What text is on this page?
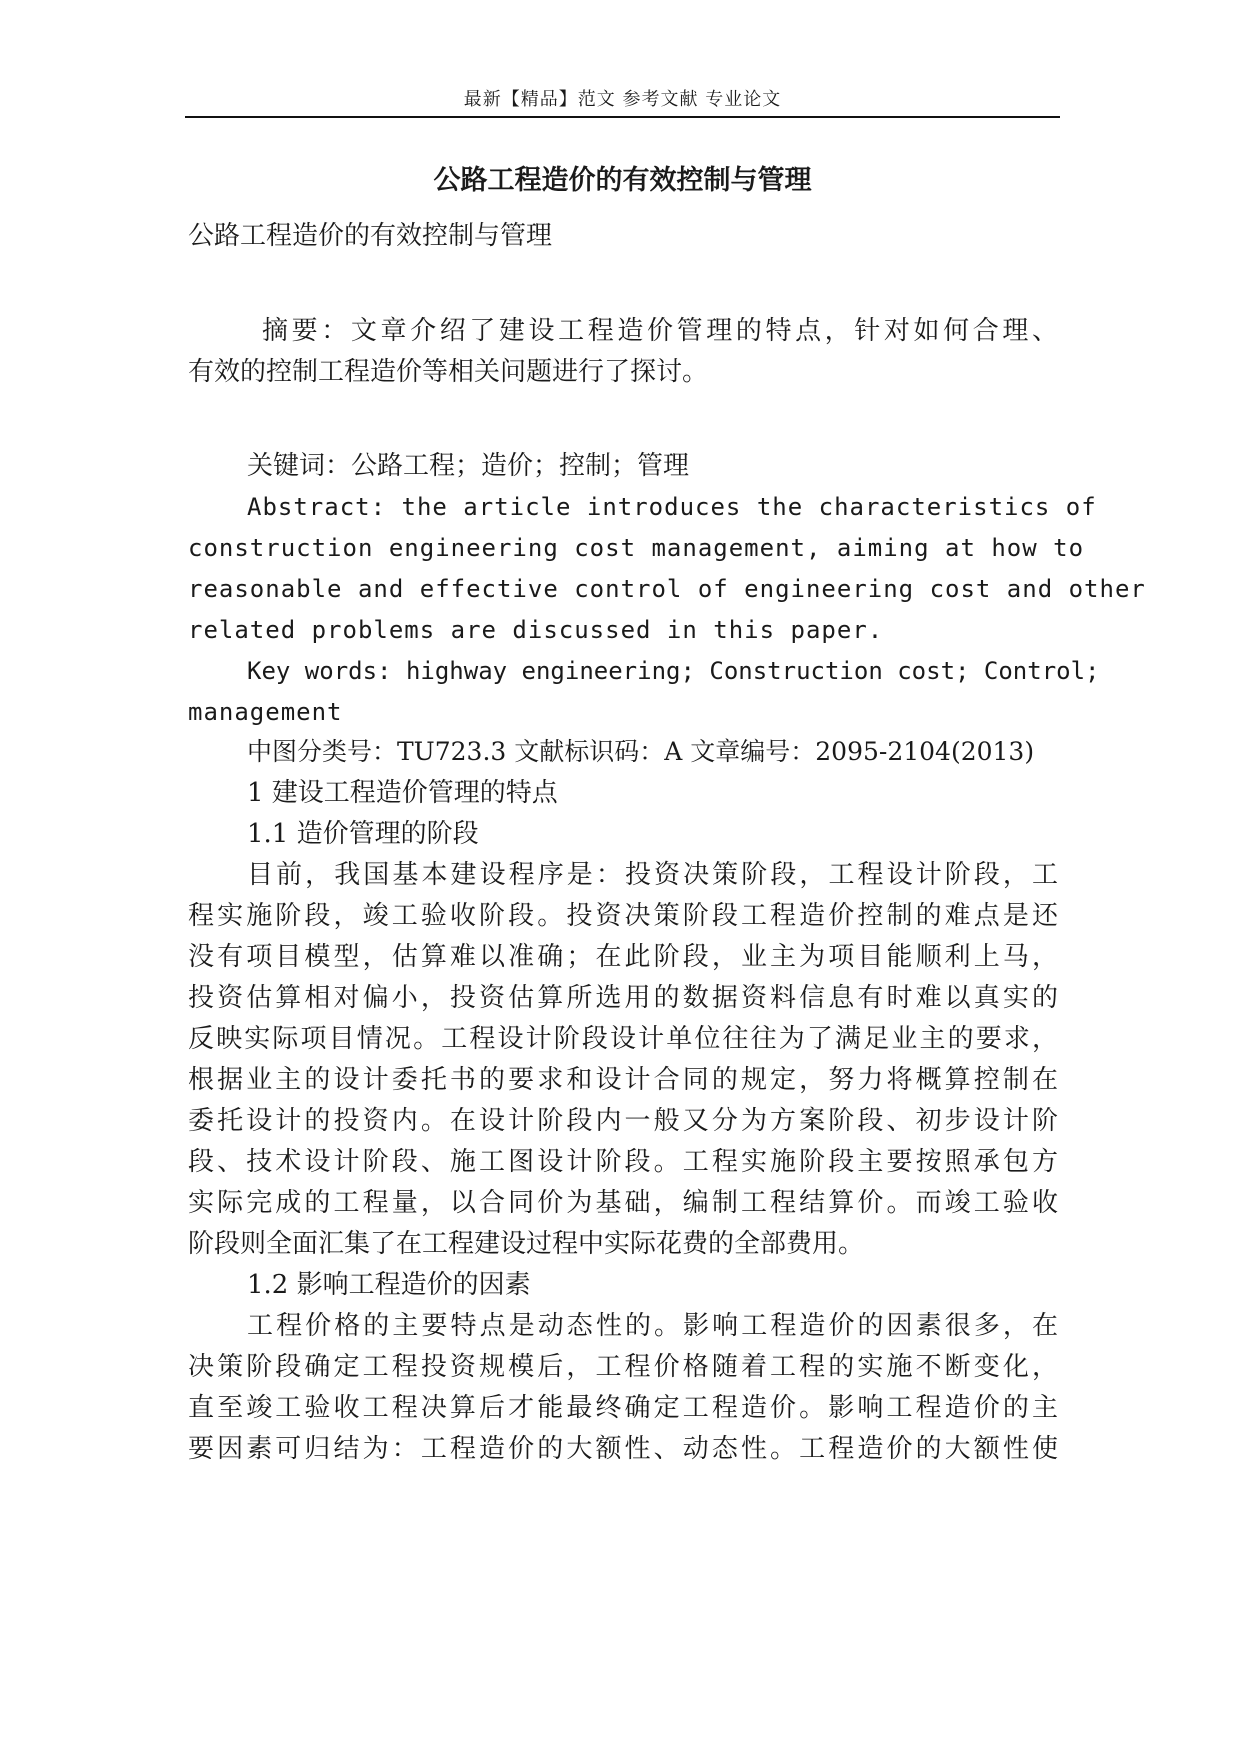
最新【精品】范文 参考文献 专业论文
公路工程造价的有效控制与管理
公路工程造价的有效控制与管理
摘要：文章介绍了建设工程造价管理的特点，针对如何合理、
有效的控制工程造价等相关问题进行了探讨。
关键词：公路工程；造价；控制；管理
Abstract: the article introduces the characteristics of
construction engineering cost management, aiming at how to
reasonable and effective control of engineering cost and other
related problems are discussed in this paper.
Key words: highway engineering; Construction cost; Control;
management
中图分类号：TU723.3 文献标识码：A 文章编号：2095-2104(2013)
1 建设工程造价管理的特点
1.1 造价管理的阶段
目前，我国基本建设程序是：投资决策阶段，工程设计阶段，工
程实施阶段，竣工验收阶段。投资决策阶段工程造价控制的难点是还
没有项目模型，估算难以准确；在此阶段，业主为项目能顺利上马，
投资估算相对偏小，投资估算所选用的数据资料信息有时难以真实的
反映实际项目情况。工程设计阶段设计单位往往为了满足业主的要求，
根据业主的设计委托书的要求和设计合同的规定，努力将概算控制在
委托设计的投资内。在设计阶段内一般又分为方案阶段、初步设计阶
段、技术设计阶段、施工图设计阶段。工程实施阶段主要按照承包方
实际完成的工程量，以合同价为基础，编制工程结算价。而竣工验收
阶段则全面汇集了在工程建设过程中实际花费的全部费用。
1.2 影响工程造价的因素
工程价格的主要特点是动态性的。影响工程造价的因素很多，在
决策阶段确定工程投资规模后，工程价格随着工程的实施不断变化，
直至竣工验收工程决算后才能最终确定工程造价。影响工程造价的主
要因素可归结为：工程造价的大额性、动态性。工程造价的大额性使
